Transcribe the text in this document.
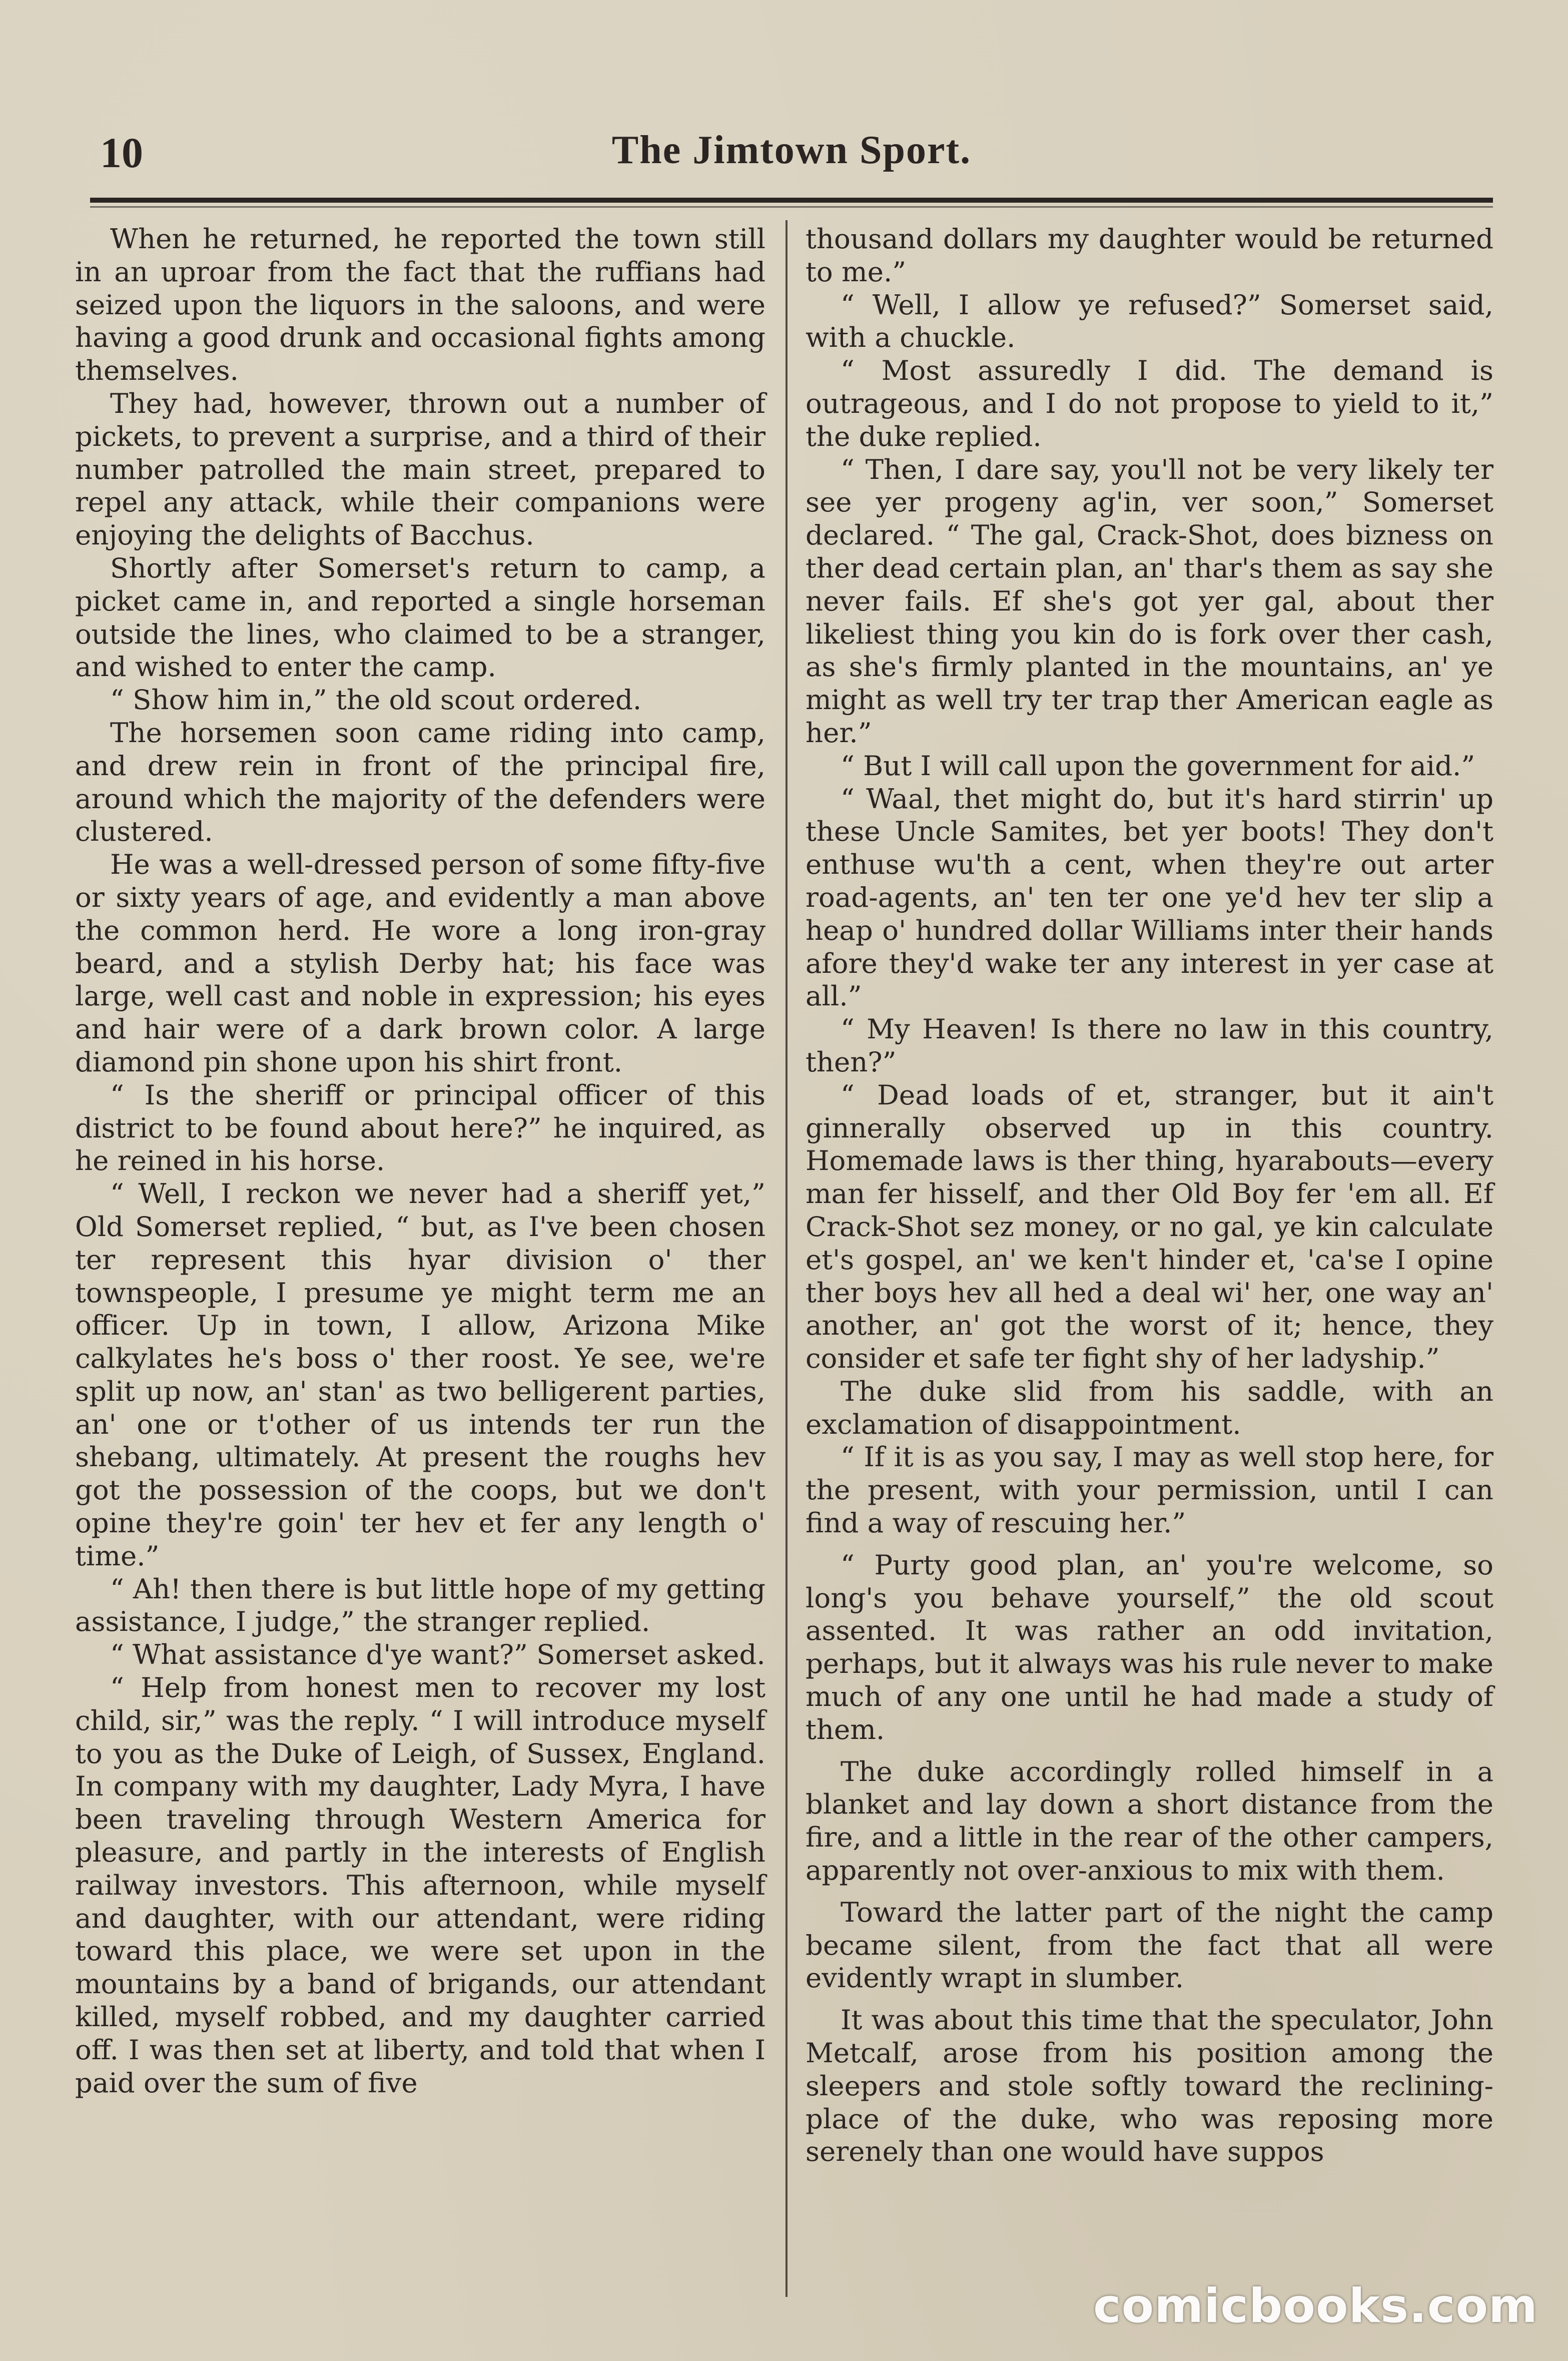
10	The Jimtown Sport.

When he returned, he reported the town still in an uproar from the fact that the ruffians had seized upon the liquors in the saloons, and were having a good drunk and occasional fights among themselves.

They had, however, thrown out a number of pickets, to prevent a surprise, and a third of their number patrolled the main street, prepared to repel any attack, while their companions were enjoying the delights of Bacchus.

Shortly after Somerset's return to camp, a picket came in, and reported a single horseman outside the lines, who claimed to be a stranger, and wished to enter the camp.

“ Show him in,” the old scout ordered.

The horsemen soon came riding into camp, and drew rein in front of the principal fire, around which the majority of the defenders were clustered.

He was a well-dressed person of some fifty-five or sixty years of age, and evidently a man above the common herd. He wore a long iron-gray beard, and a stylish Derby hat; his face was large, well cast and noble in expression; his eyes and hair were of a dark brown color. A large diamond pin shone upon his shirt front.

“ Is the sheriff or principal officer of this district to be found about here?” he inquired, as he reined in his horse.

“ Well, I reckon we never had a sheriff yet,” Old Somerset replied, “ but, as I've been chosen ter represent this hyar division o' ther townspeople, I presume ye might term me an officer. Up in town, I allow, Arizona Mike calkylates he's boss o' ther roost. Ye see, we're split up now, an' stan' as two belligerent parties, an' one or t'other of us intends ter run the shebang, ultimately. At present the roughs hev got the possession of the coops, but we don't opine they're goin' ter hev et fer any length o' time.”

“ Ah! then there is but little hope of my getting assistance, I judge,” the stranger replied.

“ What assistance d'ye want?” Somerset asked.

“ Help from honest men to recover my lost child, sir,” was the reply. “ I will introduce myself to you as the Duke of Leigh, of Sussex, England. In company with my daughter, Lady Myra, I have been traveling through Western America for pleasure, and partly in the interests of English railway investors. This afternoon, while myself and daughter, with our attendant, were riding toward this place, we were set upon in the mountains by a band of brigands, our attendant killed, myself robbed, and my daughter carried off. I was then set at liberty, and told that when I paid over the sum of five

thousand dollars my daughter would be returned to me.”

“ Well, I allow ye refused?” Somerset said, with a chuckle.

“ Most assuredly I did. The demand is outrageous, and I do not propose to yield to it,” the duke replied.

“ Then, I dare say, you'll not be very likely ter see yer progeny ag'in, ver soon,” Somerset declared. “ The gal, Crack-Shot, does bizness on ther dead certain plan, an' thar's them as say she never fails. Ef she's got yer gal, about ther likeliest thing you kin do is fork over ther cash, as she's firmly planted in the mountains, an' ye might as well try ter trap ther American eagle as her.”

“ But I will call upon the government for aid.”

“ Waal, thet might do, but it's hard stirrin' up these Uncle Samites, bet yer boots! They don't enthuse wu'th a cent, when they're out arter road-agents, an' ten ter one ye'd hev ter slip a heap o' hundred dollar Williams inter their hands afore they'd wake ter any interest in yer case at all.”

“ My Heaven! Is there no law in this country, then?”

“ Dead loads of et, stranger, but it ain't ginnerally observed up in this country. Homemade laws is ther thing, hyarabouts—every man fer hisself, and ther Old Boy fer 'em all. Ef Crack-Shot sez money, or no gal, ye kin calculate et's gospel, an' we ken't hinder et, 'ca'se I opine ther boys hev all hed a deal wi' her, one way an' another, an' got the worst of it; hence, they consider et safe ter fight shy of her ladyship.”

The duke slid from his saddle, with an exclamation of disappointment.

“ If it is as you say, I may as well stop here, for the present, with your permission, until I can find a way of rescuing her.”

“ Purty good plan, an' you're welcome, so long's you behave yourself,” the old scout assented. It was rather an odd invitation, perhaps, but it always was his rule never to make much of any one until he had made a study of them.

The duke accordingly rolled himself in a blanket and lay down a short distance from the fire, and a little in the rear of the other campers, apparently not over-anxious to mix with them.

Toward the latter part of the night the camp became silent, from the fact that all were evidently wrapt in slumber.

It was about this time that the speculator, John Metcalf, arose from his position among the sleepers and stole softly toward the reclining-place of the duke, who was reposing more serenely than one would have suppos

comicbooks.com
